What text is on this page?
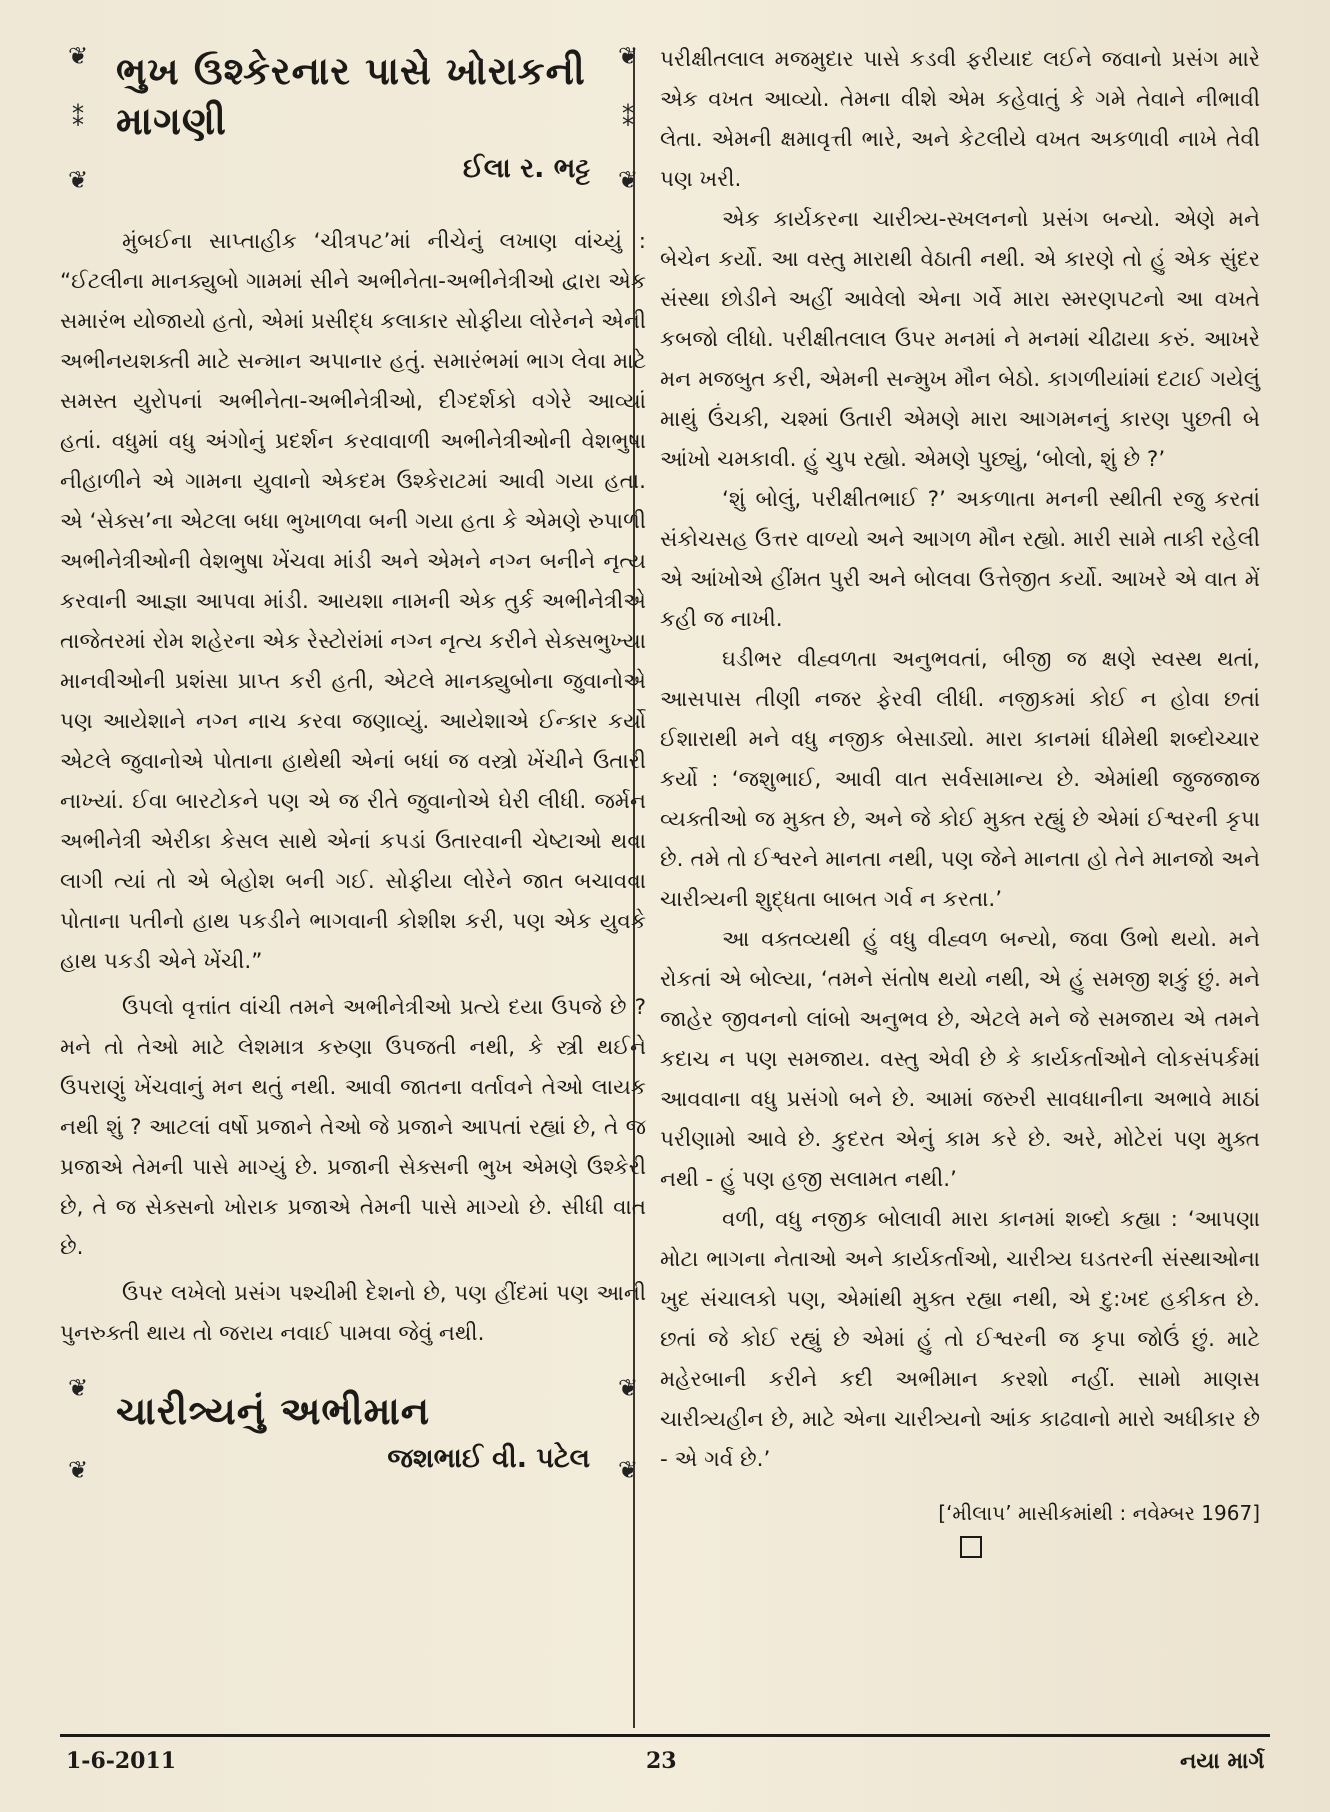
❦
⁑
❦
❦
⁑
❦
ભુખ ઉશ્કેરનાર પાસે ખોરાકની માગણી
ઈલા ર. ભટ્ટ

મુંબઈના સાપ્તાહીક ‘ચીત્રપટ’માં નીચેનું લખાણ વાંચ્યું : “ઈટલીના માનક્યુબો ગામમાં સીને અભીનેતા-અભીનેત્રીઓ દ્વારા એક સમારંભ યોજાયો હતો, એમાં પ્રસીદ્ધ કલાકાર સોફીયા લોરેનને એની અભીનયશક્તી માટે સન્માન અપાનાર હતું. સમારંભમાં ભાગ લેવા માટે સમસ્ત યુરોપનાં અભીનેતા-અભીનેત્રીઓ, દીગ્દર્શકો વગેરે આવ્યાં હતાં. વધુમાં વધુ અંગોનું પ્રદર્શન કરવાવાળી અભીનેત્રીઓની વેશભુષા નીહાળીને એ ગામના યુવાનો એકદમ ઉશ્કેરાટમાં આવી ગયા હતા. એ ‘સેક્સ’ના એટલા બધા ભુખાળવા બની ગયા હતા કે એમણે રુપાળી અભીનેત્રીઓની વેશભુષા ખેંચવા માંડી અને એમને નગ્ન બનીને નૃત્ય કરવાની આજ્ઞા આપવા માંડી. આયશા નામની એક તુર્ક અભીનેત્રીએ તાજેતરમાં રોમ શહેરના એક રેસ્ટોરાંમાં નગ્ન નૃત્ય કરીને સેક્સભુખ્યા માનવીઓની પ્રશંસા પ્રાપ્ત કરી હતી, એટલે માનક્યુબોના જુવાનોએ પણ આયેશાને નગ્ન નાચ કરવા જણાવ્યું. આયેશાએ ઈન્કાર કર્યો એટલે જુવાનોએ પોતાના હાથેથી એનાં બધાં જ વસ્ત્રો ખેંચીને ઉતારી નાખ્યાં. ઈવા બારટોકને પણ એ જ રીતે જુવાનોએ ઘેરી લીધી. જર્મન અભીનેત્રી એરીકા કેસલ સાથે એનાં કપડાં ઉતારવાની ચેષ્ટાઓ થવા લાગી ત્યાં તો એ બેહોશ બની ગઈ. સોફીયા લોરેને જાત બચાવવા પોતાના પતીનો હાથ પકડીને ભાગવાની કોશીશ કરી, પણ એક યુવકે હાથ પકડી એને ખેંચી.”

ઉપલો વૃત્તાંત વાંચી તમને અભીનેત્રીઓ પ્રત્યે દયા ઉપજે છે ? મને તો તેઓ માટે લેશમાત્ર કરુણા ઉપજતી નથી, કે સ્ત્રી થઈને ઉપરાણું ખેંચવાનું મન થતું નથી. આવી જાતના વર્તાવને તેઓ લાયક નથી શું ? આટલાં વર્ષો પ્રજાને તેઓ જે પ્રજાને આપતાં રહ્યાં છે, તે જ પ્રજાએ તેમની પાસે માગ્યું છે. પ્રજાની સેક્સની ભુખ એમણે ઉશ્કેરી છે, તે જ સેક્સનો ખોરાક પ્રજાએ તેમની પાસે માગ્યો છે. સીધી વાત છે.

ઉપર લખેલો પ્રસંગ પશ્ચીમી દેશનો છે, પણ હીંદમાં પણ આની પુનરુક્તી થાય તો જરાય નવાઈ પામવા જેવું નથી.

❦
❦
❦
❦
ચારીત્ર્યનું અભીમાન
જશભાઈ વી. પટેલ

પરીક્ષીતલાલ મજમુદાર પાસે કડવી ફરીયાદ લઈને જવાનો પ્રસંગ મારે એક વખત આવ્યો. તેમના વીશે એમ કહેવાતું કે ગમે તેવાને નીભાવી લેતા. એમની ક્ષમાવૃત્તી ભારે, અને કેટલીયે વખત અકળાવી નાખે તેવી પણ ખરી.

એક કાર્યકરના ચારીત્ર્ય-સ્ખલનનો પ્રસંગ બન્યો. એણે મને બેચેન કર્યો. આ વસ્તુ મારાથી વેઠાતી નથી. એ કારણે તો હું એક સુંદર સંસ્થા છોડીને અહીં આવેલો એના ગર્વે મારા સ્મરણપટનો આ વખતે કબજો લીધો. પરીક્ષીતલાલ ઉપર મનમાં ને મનમાં ચીઢાયા કરું. આખરે મન મજબુત કરી, એમની સન્મુખ મૌન બેઠો. કાગળીયાંમાં દટાઈ ગયેલું માથું ઉંચકી, ચશ્માં ઉતારી એમણે મારા આગમનનું કારણ પુછતી બે આંખો ચમકાવી. હું ચુપ રહ્યો. એમણે પુછ્યું, ‘બોલો, શું છે ?’

‘શું બોલું, પરીક્ષીતભાઈ ?’ અકળાતા મનની સ્થીતી રજુ કરતાં સંકોચસહ ઉત્તર વાળ્યો અને આગળ મૌન રહ્યો. મારી સામે તાકી રહેલી એ આંખોએ હીંમત પુરી અને બોલવા ઉત્તેજીત કર્યો. આખરે એ વાત મેં કહી જ નાખી.

ઘડીભર વીહ્વળતા અનુભવતાં, બીજી જ ક્ષણે સ્વસ્થ થતાં, આસપાસ તીણી નજર ફેરવી લીધી. નજીકમાં કોઈ ન હોવા છતાં ઈશારાથી મને વધુ નજીક બેસાડ્યો. મારા કાનમાં ધીમેથી શબ્દોચ્ચાર કર્યો : ‘જશુભાઈ, આવી વાત સર્વસામાન્ય છે. એમાંથી જુજજાજ વ્યક્તીઓ જ મુક્ત છે, અને જે કોઈ મુક્ત રહ્યું છે એમાં ઈશ્વરની કૃપા છે. તમે તો ઈશ્વરને માનતા નથી, પણ જેને માનતા હો તેને માનજો અને ચારીત્ર્યની શુદ્ધતા બાબત ગર્વ ન કરતા.’

આ વક્તવ્યથી હું વધુ વીહ્વળ બન્યો, જવા ઉભો થયો. મને રોકતાં એ બોલ્યા, ‘તમને સંતોષ થયો નથી, એ હું સમજી શકું છું. મને જાહેર જીવનનો લાંબો અનુભવ છે, એટલે મને જે સમજાય એ તમને કદાચ ન પણ સમજાય. વસ્તુ એવી છે કે કાર્યકર્તાઓને લોકસંપર્કમાં આવવાના વધુ પ્રસંગો બને છે. આમાં જરુરી સાવધાનીના અભાવે માઠાં પરીણામો આવે છે. કુદરત એનું કામ કરે છે. અરે, મોટેરાં પણ મુક્ત નથી - હું પણ હજી સલામત નથી.’

વળી, વધુ નજીક બોલાવી મારા કાનમાં શબ્દો કહ્યા : ‘આપણા મોટા ભાગના નેતાઓ અને કાર્યકર્તાઓ, ચારીત્ર્ય ઘડતરની સંસ્થાઓના ખુદ સંચાલકો પણ, એમાંથી મુક્ત રહ્યા નથી, એ દુ:ખદ હકીકત છે. છતાં જે કોઈ રહ્યું છે એમાં હું તો ઈશ્વરની જ કૃપા જોઉં છું. માટે મહેરબાની કરીને કદી અભીમાન કરશો નહીં. સામો માણસ ચારીત્ર્યહીન છે, માટે એના ચારીત્ર્યનો આંક કાઢવાનો મારો અધીકાર છે - એ ગર્વ છે.’

[‘મીલાપ’ માસીકમાંથી : નવેમ્બર 1967]
1-6-2011	23	નયા માર્ગ
